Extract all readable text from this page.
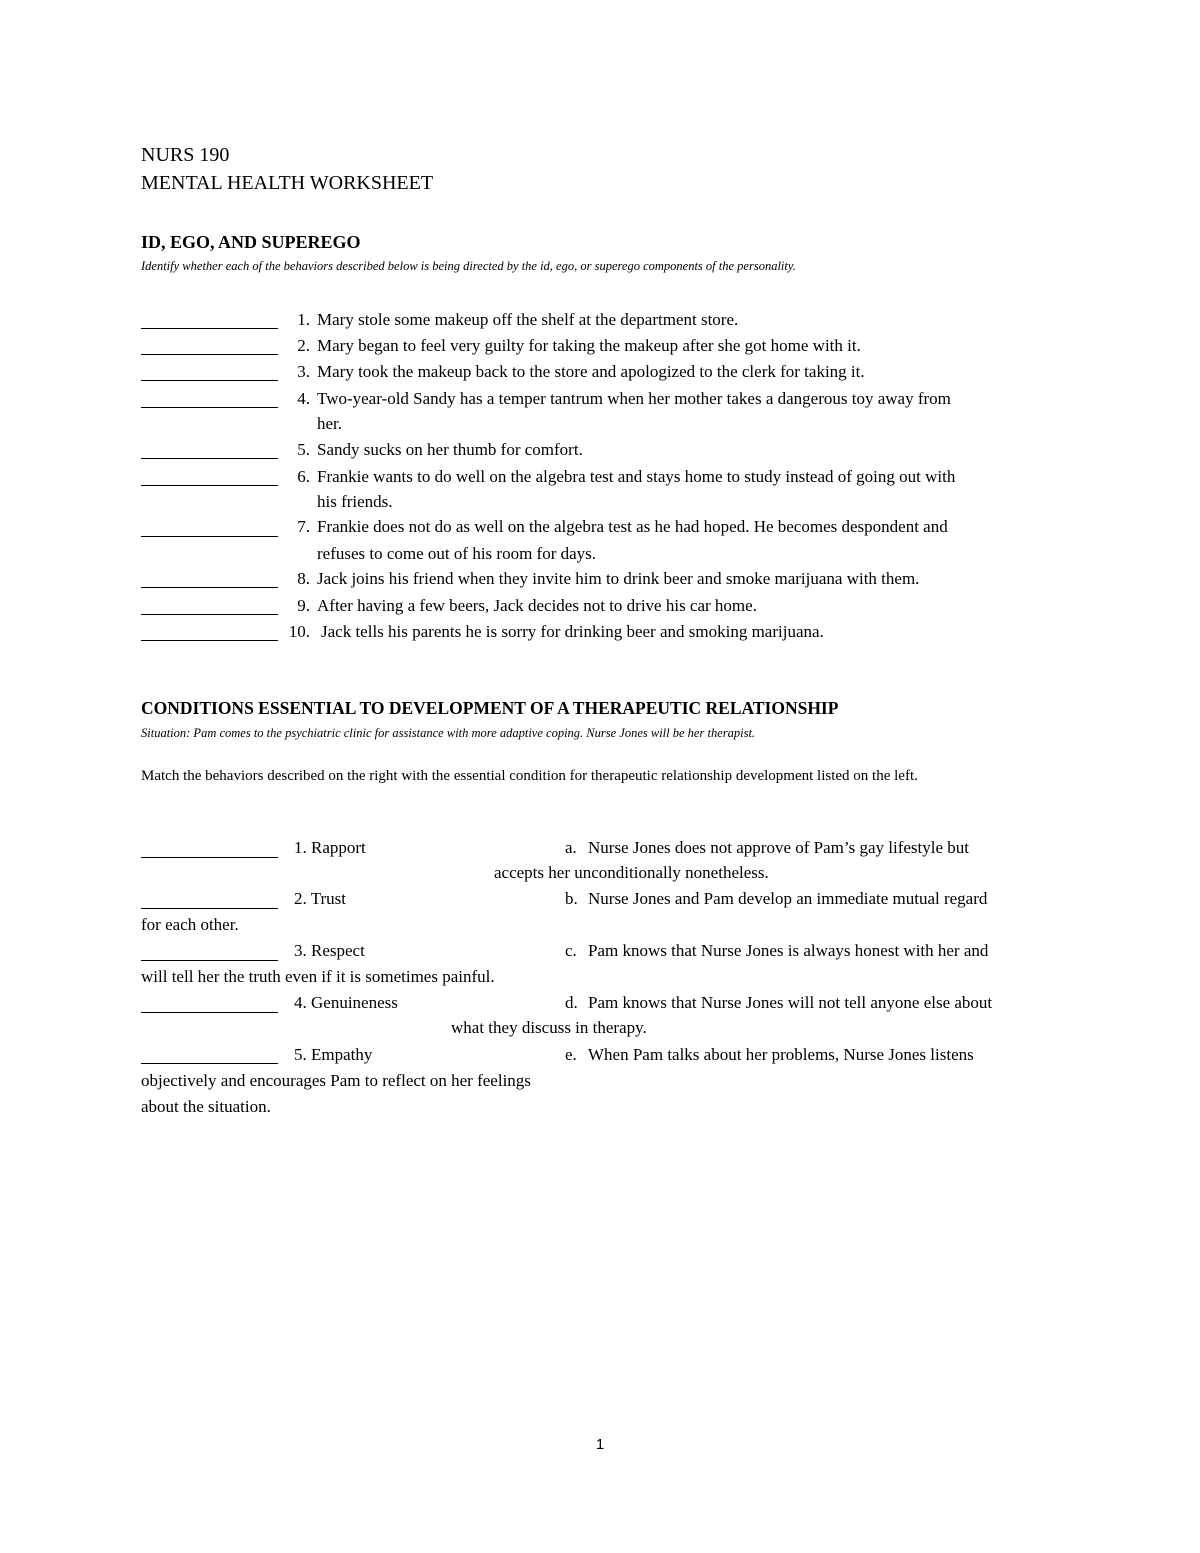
NURS 190
MENTAL HEALTH WORKSHEET
ID, EGO, AND SUPEREGO
Identify whether each of the behaviors described below is being directed by the id, ego, or superego components of the personality.
1. Mary stole some makeup off the shelf at the department store.
2. Mary began to feel very guilty for taking the makeup after she got home with it.
3. Mary took the makeup back to the store and apologized to the clerk for taking it.
4. Two-year-old Sandy has a temper tantrum when her mother takes a dangerous toy away from
her.
5. Sandy sucks on her thumb for comfort.
6. Frankie wants to do well on the algebra test and stays home to study instead of going out with
his friends.
7. Frankie does not do as well on the algebra test as he had hoped. He becomes despondent and
refuses to come out of his room for days.
8. Jack joins his friend when they invite him to drink beer and smoke marijuana with them.
9. After having a few beers, Jack decides not to drive his car home.
10. Jack tells his parents he is sorry for drinking beer and smoking marijuana.
CONDITIONS ESSENTIAL TO DEVELOPMENT OF A THERAPEUTIC RELATIONSHIP
Situation: Pam comes to the psychiatric clinic for assistance with more adaptive coping. Nurse Jones will be her therapist.
Match the behaviors described on the right with the essential condition for therapeutic relationship development listed on the left.
1. Rapport	a. Nurse Jones does not approve of Pam’s gay lifestyle but
accepts her unconditionally nonetheless.
2. Trust	b. Nurse Jones and Pam develop an immediate mutual regard
for each other.
3. Respect	c. Pam knows that Nurse Jones is always honest with her and
will tell her the truth even if it is sometimes painful.
4. Genuineness	d. Pam knows that Nurse Jones will not tell anyone else about
what they discuss in therapy.
5. Empathy	e. When Pam talks about her problems, Nurse Jones listens
objectively and encourages Pam to reflect on her feelings
about the situation.
1
